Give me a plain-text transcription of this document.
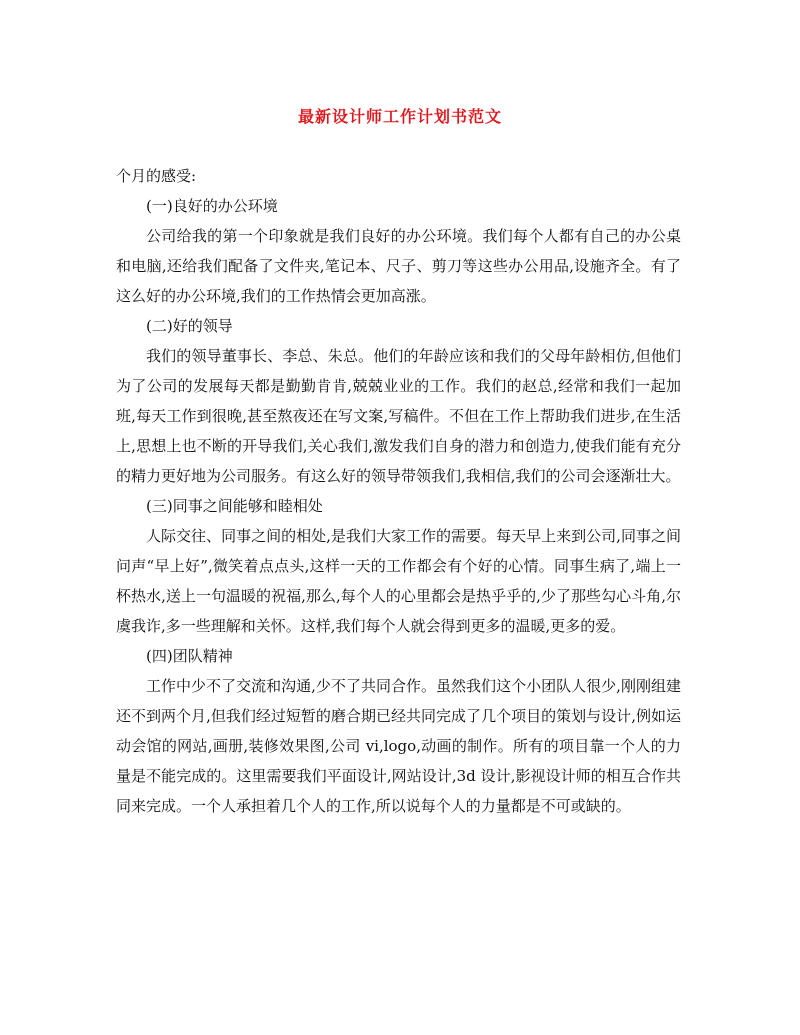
最新设计师工作计划书范文

个月的感受:

(一)良好的办公环境

公司给我的第一个印象就是我们良好的办公环境。我们每个人都有自己的办公桌和电脑,还给我们配备了文件夹,笔记本、尺子、剪刀等这些办公用品,设施齐全。有了这么好的办公环境,我们的工作热情会更加高涨。

(二)好的领导

我们的领导董事长、李总、朱总。他们的年龄应该和我们的父母年龄相仿,但他们为了公司的发展每天都是勤勤肯肯,兢兢业业的工作。我们的赵总,经常和我们一起加班,每天工作到很晚,甚至熬夜还在写文案,写稿件。不但在工作上帮助我们进步,在生活上,思想上也不断的开导我们,关心我们,激发我们自身的潜力和创造力,使我们能有充分的精力更好地为公司服务。有这么好的领导带领我们,我相信,我们的公司会逐渐壮大。

(三)同事之间能够和睦相处

人际交往、同事之间的相处,是我们大家工作的需要。每天早上来到公司,同事之间问声“早上好”,微笑着点点头,这样一天的工作都会有个好的心情。同事生病了,端上一杯热水,送上一句温暖的祝福,那么,每个人的心里都会是热乎乎的,少了那些勾心斗角,尔虞我诈,多一些理解和关怀。这样,我们每个人就会得到更多的温暖,更多的爱。

(四)团队精神

工作中少不了交流和沟通,少不了共同合作。虽然我们这个小团队人很少,刚刚组建还不到两个月,但我们经过短暂的磨合期已经共同完成了几个项目的策划与设计,例如运动会馆的网站,画册,装修效果图,公司 vi,logo,动画的制作。所有的项目靠一个人的力量是不能完成的。这里需要我们平面设计,网站设计,3d 设计,影视设计师的相互合作共同来完成。一个人承担着几个人的工作,所以说每个人的力量都是不可或缺的。
